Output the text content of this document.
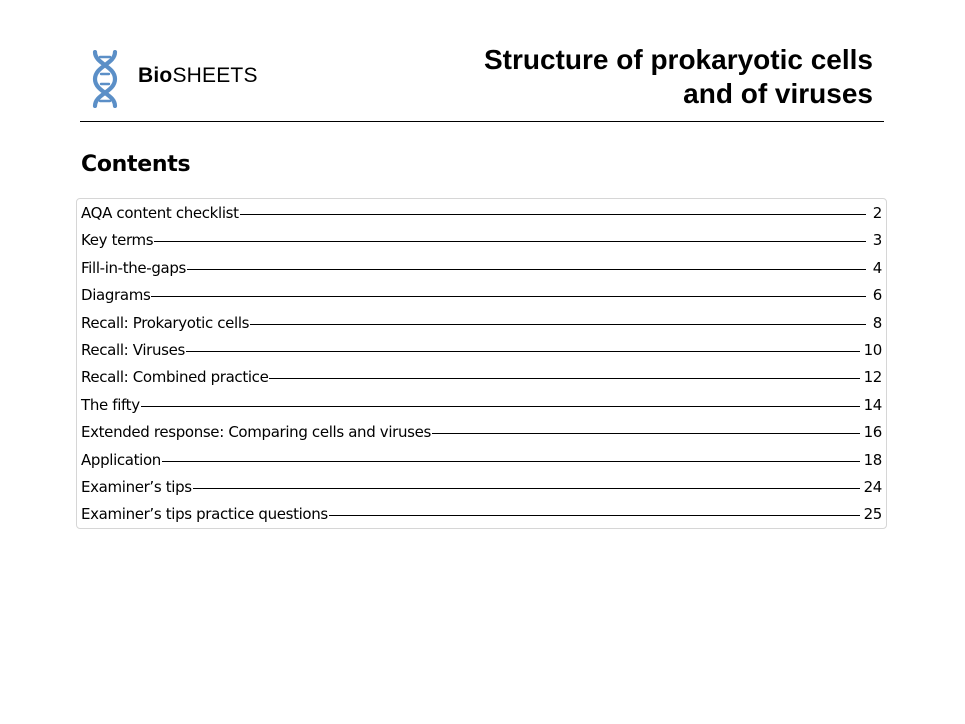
BioSHEETS
Structure of prokaryotic cells
and of viruses
Contents
AQA content checklist	2
Key terms	3
Fill-in-the-gaps	4
Diagrams	6
Recall: Prokaryotic cells	8
Recall: Viruses	10
Recall: Combined practice	12
The fifty	14
Extended response: Comparing cells and viruses	16
Application	18
Examiner’s tips	24
Examiner’s tips practice questions	25
